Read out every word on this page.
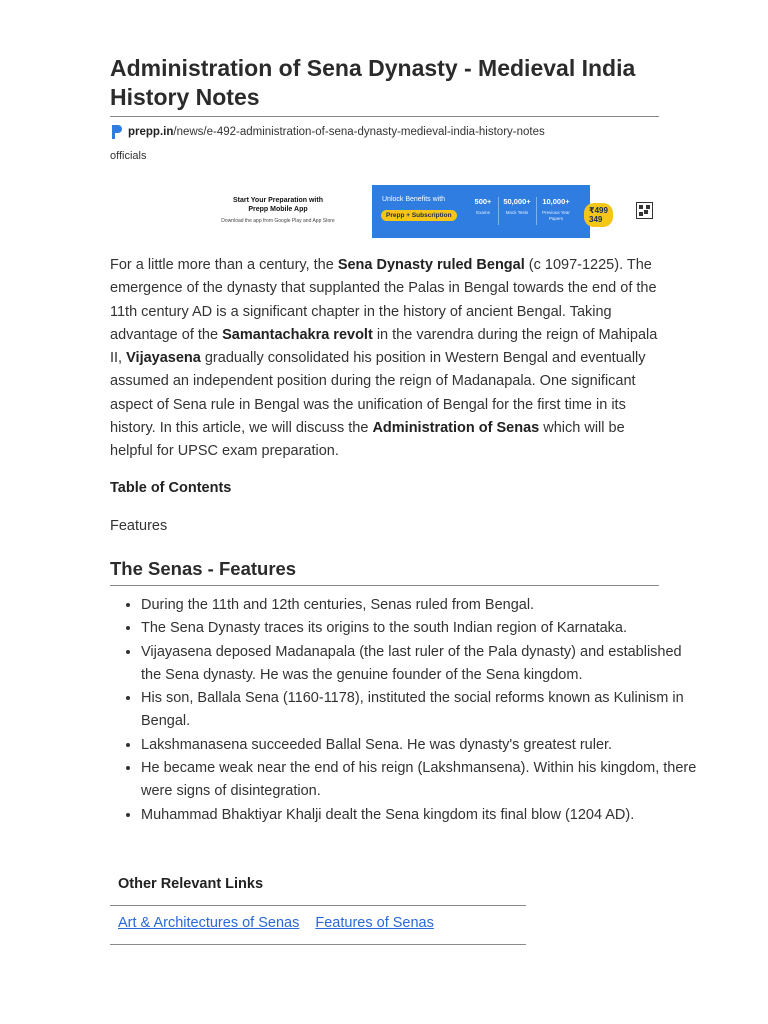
Administration of Sena Dynasty - Medieval India History Notes
prepp.in /news/e-492-administration-of-sena-dynasty-medieval-india-history-notes
officials
Start Your Preparation with
Prepp Mobile App
Download the app from Google Play and App Store
Unlock Benefits with
Prepp + Subscription
500+
Exams
50,000+
Mock Tests
10,000+
Previous Year Papers
₹499 349

For a little more than a century, the Sena Dynasty ruled Bengal (c 1097-1225). The emergence of the dynasty that supplanted the Palas in Bengal towards the end of the 11th century AD is a significant chapter in the history of ancient Bengal. Taking advantage of the Samantachakra revolt in the varendra during the reign of Mahipala II, Vijayasena gradually consolidated his position in Western Bengal and eventually assumed an independent position during the reign of Madanapala. One significant aspect of Sena rule in Bengal was the unification of Bengal for the first time in its history. In this article, we will discuss the Administration of Senas which will be helpful for UPSC exam preparation.

Table of Contents
Features
The Senas - Features
• During the 11th and 12th centuries, Senas ruled from Bengal.
• The Sena Dynasty traces its origins to the south Indian region of Karnataka.
• Vijayasena deposed Madanapala (the last ruler of the Pala dynasty) and established the Sena dynasty. He was the genuine founder of the Sena kingdom.
• His son, Ballala Sena (1160-1178), instituted the social reforms known as Kulinism in Bengal.
• Lakshmanasena succeeded Ballal Sena. He was dynasty's greatest ruler.
• He became weak near the end of his reign (Lakshmansena). Within his kingdom, there were signs of disintegration.
• Muhammad Bhaktiyar Khalji dealt the Sena kingdom its final blow (1204 AD).
Other Relevant Links
Art & Architectures of Senas Features of Senas
